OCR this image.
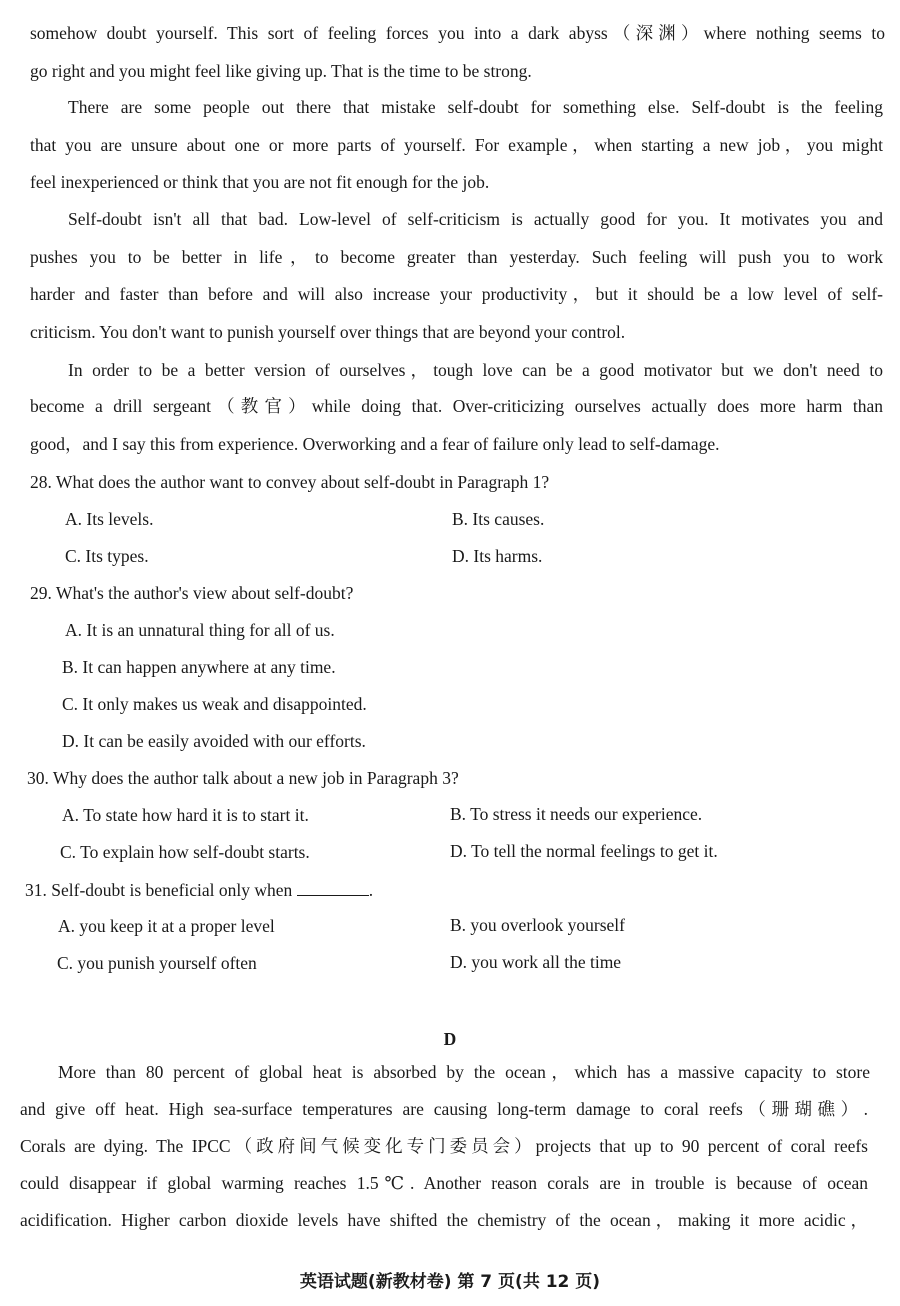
somehow doubt yourself. This sort of feeling forces you into a dark abyss（深渊）where nothing seems to
go right and you might feel like giving up. That is the time to be strong.
There are some people out there that mistake self-doubt for something else. Self-doubt is the feeling
that you are unsure about one or more parts of yourself. For example，when starting a new job，you might
feel inexperienced or think that you are not fit enough for the job.
Self-doubt isn't all that bad. Low-level of self-criticism is actually good for you. It motivates you and
pushes you to be better in life，to become greater than yesterday. Such feeling will push you to work
harder and faster than before and will also increase your productivity，but it should be a low level of self-
criticism. You don't want to punish yourself over things that are beyond your control.
In order to be a better version of ourselves，tough love can be a good motivator but we don't need to
become a drill sergeant（教官）while doing that. Over-criticizing ourselves actually does more harm than
good，and I say this from experience. Overworking and a fear of failure only lead to self-damage.
28. What does the author want to convey about self-doubt in Paragraph 1?
A. Its levels.	B. Its causes.
C. Its types.	D. Its harms.
29. What's the author's view about self-doubt?
A. It is an unnatural thing for all of us.
B. It can happen anywhere at any time.
C. It only makes us weak and disappointed.
D. It can be easily avoided with our efforts.
30. Why does the author talk about a new job in Paragraph 3?
A. To state how hard it is to start it.	B. To stress it needs our experience.
C. To explain how self-doubt starts.	D. To tell the normal feelings to get it.
31. Self-doubt is beneficial only when	.
A. you keep it at a proper level	B. you overlook yourself
C. you punish yourself often	D. you work all the time
D
More than 80 percent of global heat is absorbed by the ocean，which has a massive capacity to store
and give off heat. High sea-surface temperatures are causing long-term damage to coral reefs（珊瑚礁）.
Corals are dying. The IPCC（政府间气候变化专门委员会）projects that up to 90 percent of coral reefs
could disappear if global warming reaches 1.5℃. Another reason corals are in trouble is because of ocean
acidification. Higher carbon dioxide levels have shifted the chemistry of the ocean，making it more acidic，
英语试题(新教材卷) 第 7 页(共 12 页)
